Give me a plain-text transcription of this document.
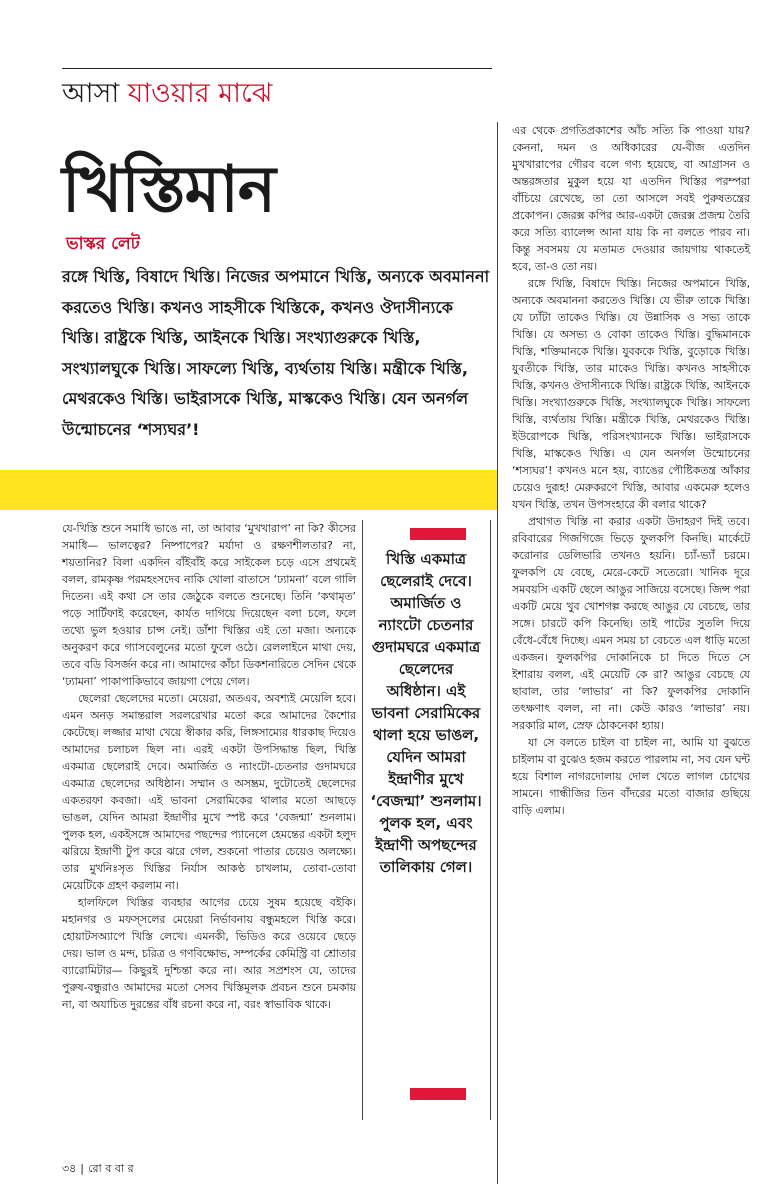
আসা যাওয়ার মাঝে
খিস্তিমান
ভাস্কর লেট
রঙ্গে খিস্তি, বিষাদে খিস্তি। নিজের অপমানে খিস্তি, অন্যকে অবমাননা করতেও খিস্তি। কখনও সাহসীকে খিস্তিকে, কখনও ঔদাসীন্যকে খিস্তি। রাষ্ট্রকে খিস্তি, আইনকে খিস্তি। সংখ্যাগুরুকে খিস্তি, সংখ্যালঘুকে খিস্তি। সাফল্যে খিস্তি, ব্যর্থতায় খিস্তি। মন্ত্রীকে খিস্তি, মেথরকেও খিস্তি। ভাইরাসকে খিস্তি, মাস্ককেও খিস্তি। যেন অনর্গল উন্মোচনের ‘শস্যঘর’!

যে-খিস্তি শুনে সমাধি ভাঙে না, তা আবার ‘মুখখারাপ’ না কি? কীসের সমাধি— ভালত্বের? নিষ্পাপের? মর্যাদা ও রক্ষণশীলতার? না, শয়তানির? বিলা একদিন বাঁইবাঁই করে সাইকেল চড়ে এসে প্রথমেই বলল, রামকৃষ্ণ পরমহংসদেব নাকি খোলা বাতাসে ‘ঢ্যামনা’ বলে গালি দিতেন। এই কথা সে তার জেঠুকে বলতে শুনেছে। তিনি ‘কথামৃত’ পড়ে সার্টিফাই করেছেন, কার্যত দাগিয়ে দিয়েছেন বলা চলে, ফলে তথ্যে ভুল হওয়ার চান্স নেই। ডাঁশা খিস্তির এই তো মজা। অন্যকে অনুকরণ করে গ্যাসবেলুনের মতো ফুলে ওঠে। রেললাইনে মাথা দেয়, তবে বডি বিসর্জন করে না। আমাদের কাঁচা ডিকশনারিতে সেদিন থেকে ‘ঢ্যামনা’ পাকাপাকিভাবে জায়গা পেয়ে গেল।

ছেলেরা ছেলেদের মতো। মেয়েরা, অতএব, অবশ্যই মেয়েলি হবে। এমন অনড় সমান্তরাল সরলরেখার মতো করে আমাদের কৈশোর কেটেছে। লজ্জার মাথা খেয়ে স্বীকার করি, লিঙ্গসাম্যের ধারকাছ দিয়েও আমাদের চলাচল ছিল না। এরই একটা উপসিদ্ধান্ত ছিল, খিস্তি একমাত্র ছেলেরাই দেবে। অমার্জিত ও ন্যাংটো-চেতনার গুদামঘরে একমাত্র ছেলেদের অধিষ্ঠান। সম্মান ও অসম্ভ্রম, দুটোতেই ছেলেদের একতরফা কবজা। এই ভাবনা সেরামিকের থালার মতো আছড়ে ভাঙল, যেদিন আমরা ইন্দ্রাণীর মুখে স্পষ্ট করে ‘বেজন্মা’ শুনলাম। পুলক হল, একইসঙ্গে আমাদের পছন্দের প্যানেলে হেমন্তের একটা হলুদ ঝরিয়ে ইন্দ্রাণী টুপ করে ঝরে গেল, শুকনো পাতার চেয়েও অলক্ষ্যে। তার মুখনিঃসৃত খিস্তির নির্যাস আকণ্ঠ চাখলাম, তোবা-তোবা মেয়েটিকে গ্রহণ করলাম না।

হালফিলে খিস্তির ব্যবহার আগের চেয়ে সুষম হয়েছে বইকি। মহানগর ও মফস্সলের মেয়েরা নির্ভাবনায় বন্ধুমহলে খিস্তি করে। হোয়াটসঅ্যাপে খিস্তি লেখে। এমনকী, ভিডিও করে ওয়েবে ছেড়ে দেয়। ভাল ও মন্দ, চরিত্র ও গণবিক্ষোভ, সম্পর্কের কেমিস্ট্রি বা শ্রোতার ব্যারোমিটার— কিছুরই দুশ্চিন্তা করে না। আর সপ্রশংস যে, তাদের পুরুষ-বন্ধুরাও আমাদের মতো সেসব খিস্তিমূলক প্রবচন শুনে চমকায় না, বা অযাচিত দুরন্তের বাঁধ রচনা করে না, বরং স্বাভাবিক থাকে।

খিস্তি একমাত্র ছেলেরাই দেবে। অমার্জিত ও ন্যাংটো চেতনার গুদামঘরে একমাত্র ছেলেদের অধিষ্ঠান। এই ভাবনা সেরামিকের থালা হয়ে ভাঙল, যেদিন আমরা ইন্দ্রাণীর মুখে ‘বেজন্মা’ শুনলাম। পুলক হল, এবং ইন্দ্রাণী অপছন্দের তালিকায় গেল।

এর থেকে প্রগতিপ্রকাশের আঁচ সত্যি কি পাওয়া যায়? কেননা, দমন ও অধিকারের যে-বীজ এতদিন মুখখারাপের গৌরব বলে গণ্য হয়েছে, বা আগ্রাসন ও অন্তরঙ্গতার মুকুল হয়ে যা এতদিন খিস্তির পরম্পরা বাঁচিয়ে রেখেছে, তা তো আসলে সবই পুরুষতন্ত্রের প্রকোপন। জেরক্স কপির আর-একটা জেরক্স প্রজন্ম তৈরি করে সত্যি ব্যালেন্স আনা যায় কি না বলতে পারব না। কিন্তু সবসময় যে মতামত দেওয়ার জায়গায় থাকতেই হবে, তা-ও তো নয়।

রঙ্গে খিস্তি, বিষাদে খিস্তি। নিজের অপমানে খিস্তি, অন্যকে অবমাননা করতেও খিস্তি। যে ভীরু তাকে খিস্তি। যে ঢ্যাঁটা তাকেও খিস্তি। যে উন্নাসিক ও সভ্য তাকে খিস্তি। যে অসভ্য ও বোকা তাকেও খিস্তি। বুদ্ধিমানকে খিস্তি, শক্তিমানকে খিস্তি। যুবককে খিস্তি, বুড়োকে খিস্তি। যুবতীকে খিস্তি, তার মাকেও খিস্তি। কখনও সাহসীকে খিস্তি, কখনও ঔদাসীন্যকে খিস্তি। রাষ্ট্রকে খিস্তি, আইনকে খিস্তি। সংখ্যাগুরুকে খিস্তি, সংখ্যালঘুকে খিস্তি। সাফল্যে খিস্তি, ব্যর্থতায় খিস্তি। মন্ত্রীকে খিস্তি, মেথরকেও খিস্তি। ইউরোপকে খিস্তি, পরিসংখ্যানকে খিস্তি। ভাইরাসকে খিস্তি, মাস্ককেও খিস্তি। এ যেন অনর্গল উন্মোচনের ‘শস্যঘর’! কখনও মনে হয়, ব্যাঙের পৌষ্টিকতন্ত্র আঁকার চেয়েও দুরূহ! মেরুকরণে খিস্তি, আবার একমেরু হলেও যখন খিস্তি, তখন উপসংহারে কী বলার থাকে?

প্রথাগত খিস্তি না করার একটা উদাহরণ দিই তবে। রবিবারের গিজগিজে ভিড়ে ফুলকপি কিনছি। মার্কেটে করোনার ডেলিভারি তখনও হয়নি। চ্যাঁ-ভ্যাঁ চরমে। ফুলকপি যে বেছে, মেরে-কেটে সতেরো। খানিক দূরে সমবয়সি একটি ছেলে আঙুর সাজিয়ে বসেছে। জিন্স পরা একটি মেয়ে খুব খোশগল্প করছে আঙুর যে বেচছে, তার সঙ্গে। চারটে কপি কিনেছি। তাই পাটের সুতলি দিয়ে বেঁধে-বেঁধে দিচ্ছে। এমন সময় চা বেচতে এল ধাড়ি মতো একজন। ফুলকপির দোকানিকে চা দিতে দিতে সে ইশারায় বলল, এই মেয়েটি কে রা? আঙুর বেচছে যে ছাবাল, তার ‘লাভার’ না কি? ফুলকপির দোকানি তৎক্ষণাৎ বলল, না না। কেউ কারও ‘লাভার’ নয়। সরকারি মাল, স্রেফ ঠোকনেকা হ্যায়।

যা সে বলতে চাইল বা চাইল না, আমি যা বুঝতে চাইলাম বা বুঝেও হজম করতে পারলাম না, সব যেন ঘন্ট হয়ে বিশাল নাগরদোলায় দোল খেতে লাগল চোখের সামনে। গান্ধীজির তিন বাঁদরের মতো বাজার গুছিয়ে বাড়ি এলাম।

৩৪ | রো ব বা র
